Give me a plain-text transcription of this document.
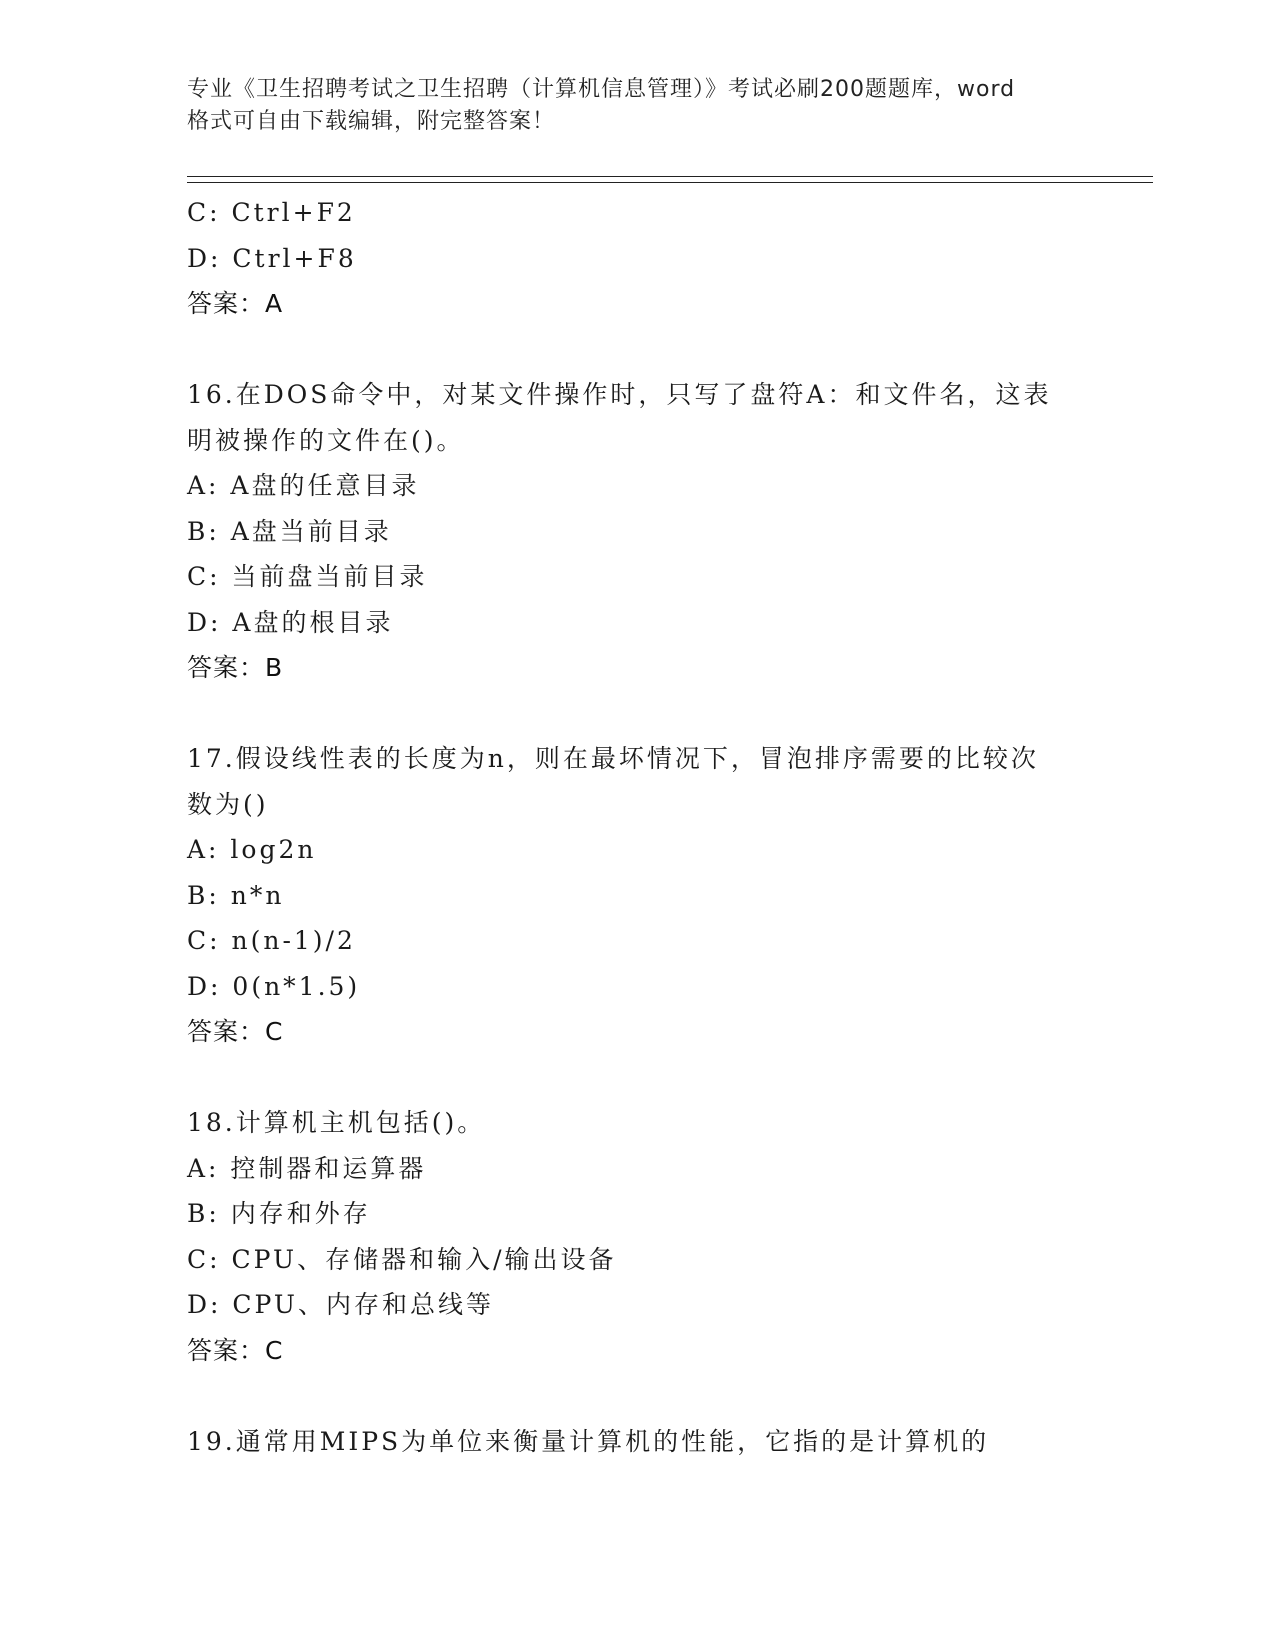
专业《卫生招聘考试之卫生招聘（计算机信息管理）》考试必刷200题题库，word
格式可自由下载编辑，附完整答案！
C: Ctrl+F2
D: Ctrl+F8
答案：A
16.在DOS命令中，对某文件操作时，只写了盘符A：和文件名，这表
明被操作的文件在()。
A: A盘的任意目录
B: A盘当前目录
C: 当前盘当前目录
D: A盘的根目录
答案：B
17.假设线性表的长度为n，则在最坏情况下，冒泡排序需要的比较次
数为()
A: log2n
B: n*n
C: n(n-1)/2
D: 0(n*1.5)
答案：C
18.计算机主机包括()。
A: 控制器和运算器
B: 内存和外存
C: CPU、存储器和输入/输出设备
D: CPU、内存和总线等
答案：C
19.通常用MIPS为单位来衡量计算机的性能，它指的是计算机的
